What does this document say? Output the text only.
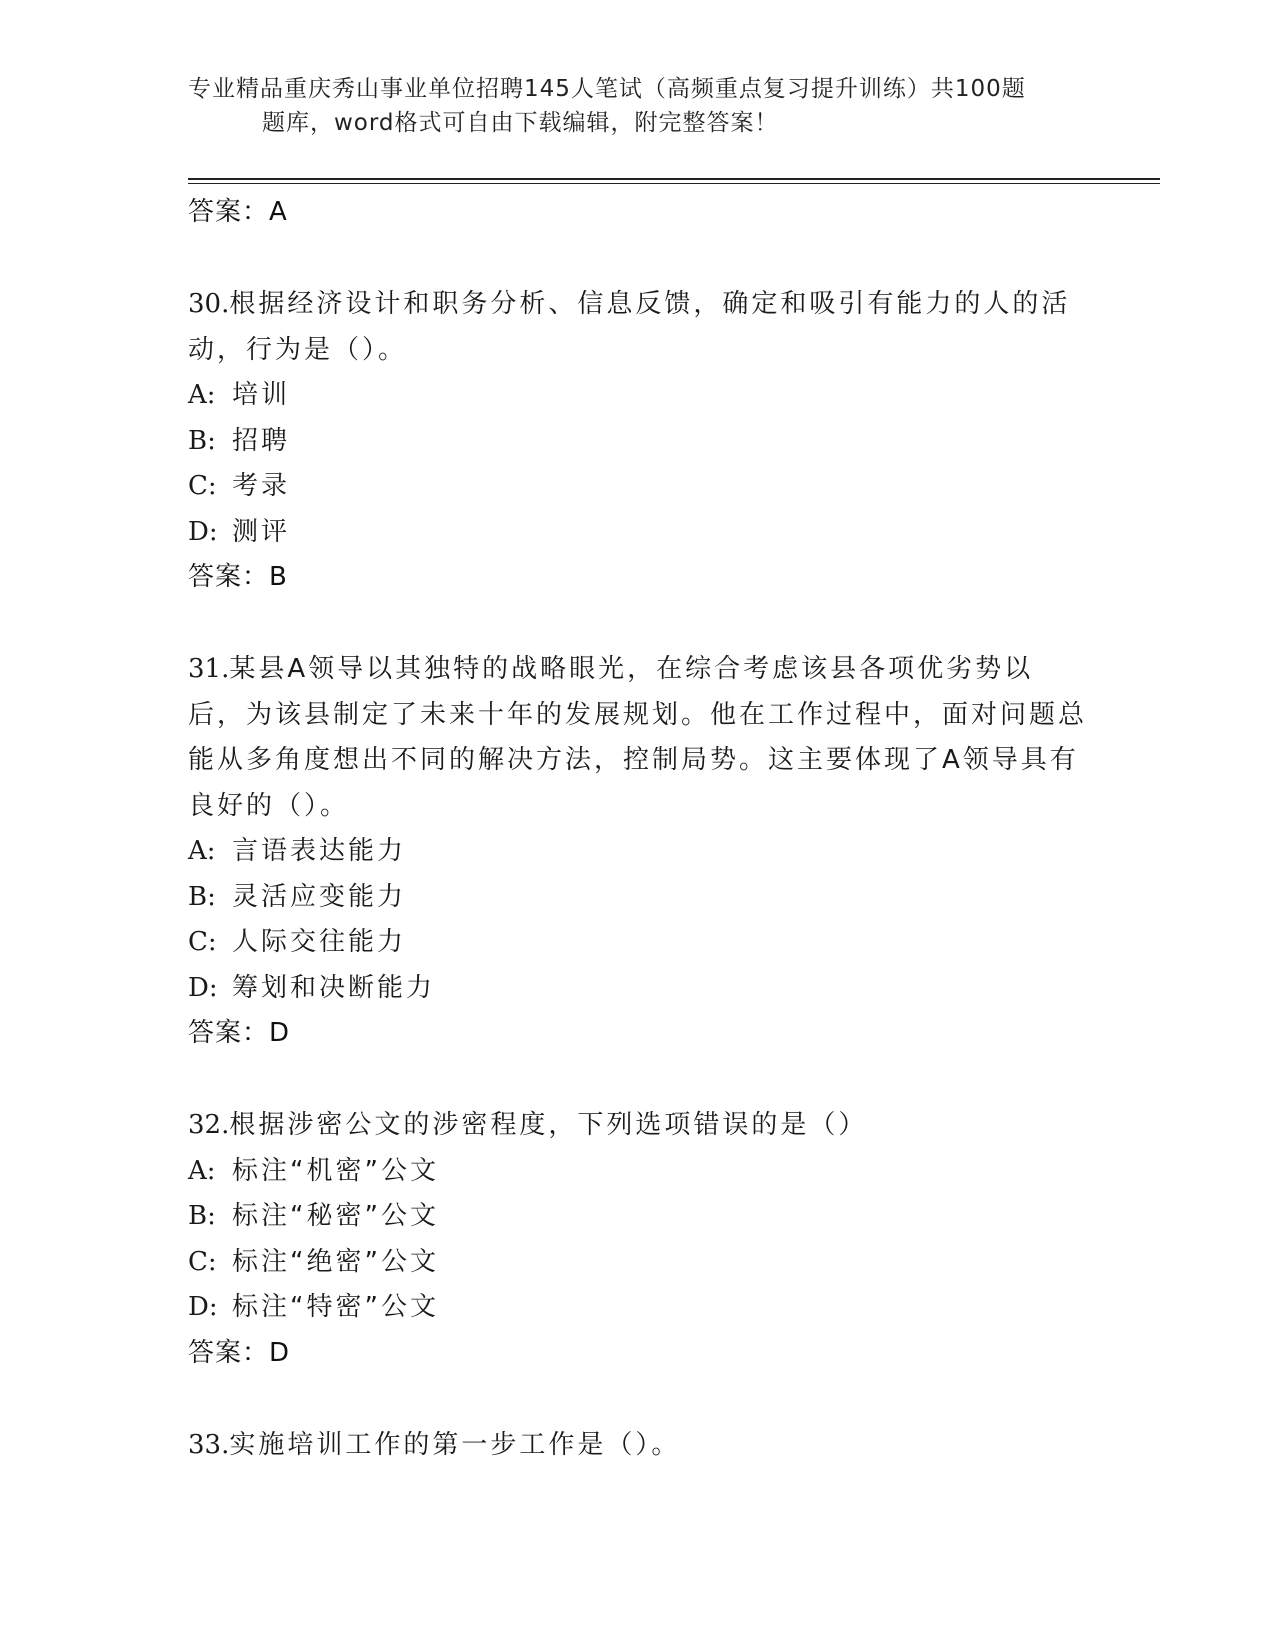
专业精品重庆秀山事业单位招聘145人笔试（高频重点复习提升训练）共100题
题库，word格式可自由下载编辑，附完整答案！
答案：A
30.根据经济设计和职务分析、信息反馈，确定和吸引有能力的人的活动，行为是（）。
A: 培训
B: 招聘
C: 考录
D: 测评
答案：B
31.某县A领导以其独特的战略眼光，在综合考虑该县各项优劣势以后，为该县制定了未来十年的发展规划。他在工作过程中，面对问题总能从多角度想出不同的解决方法，控制局势。这主要体现了A领导具有良好的（）。
A: 言语表达能力
B: 灵活应变能力
C: 人际交往能力
D: 筹划和决断能力
答案：D
32.根据涉密公文的涉密程度，下列选项错误的是（）
A: 标注“机密”公文
B: 标注“秘密”公文
C: 标注“绝密”公文
D: 标注“特密”公文
答案：D
33.实施培训工作的第一步工作是（）。
